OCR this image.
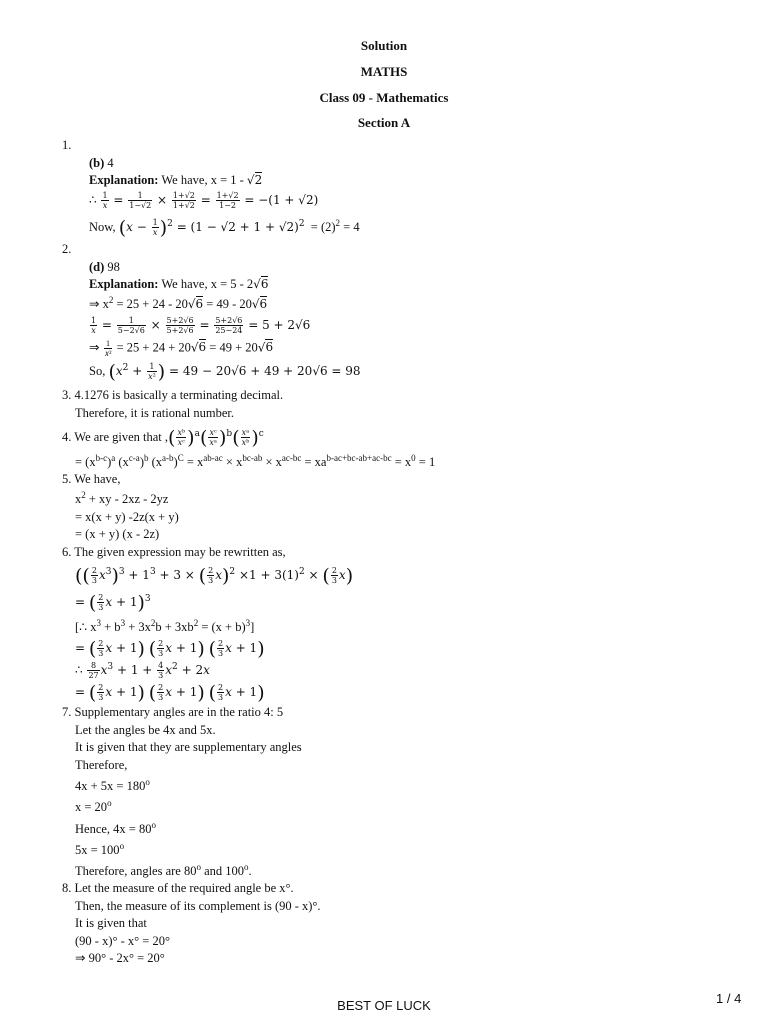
Solution
MATHS
Class 09 - Mathematics
Section A
1.
(b) 4
Explanation: We have, x = 1 - √2
∴ $\frac{1}{\text{𝑥}} = \frac{1}{1-√2} \times \frac{1+√2}{1+√2} = \frac{1+√2}{1-2} = -(1 + √2)$
Now, (𝑥 − $\frac{1}{\text{𝑥}} )^2 = (1 - √2 + 1 + √2)^2 = (2)^2 = 4$
2.
(d) 98
Explanation: We have, x = 5 - 2√6
⇒ $x^2 = 25 + 24 - 20√6 = 49 - 20√6$
$\frac{1}{\text{𝑥}} = \frac{1}{5-2√6} \times \frac{5+2√6}{5+2√6} = \frac{5+2√6}{25-24} = 5 + 2√6$
⇒ $\frac{1}{\text{𝑥²}} = 25 + 24 + 20√6 = 49 + 20√6$
So, (𝑥$^2$ + $\frac{1}{\text{𝑥²}}$ ) = 49 − 20√6 + 49 + 20√6 = 98
3. 4.1276 is basically a terminating decimal.
Therefore, it is rational number.
4. We are given that ,( $\frac{\text{𝑥ᵇ}}{\text{𝑥ᶜ}} )^a( \frac{\text{𝑥ᶜ}}{\text{𝑥ᵃ}} )^b( \frac{\text{𝑥ᵃ}}{\text{𝑥ᵇ}} )^c$
= $(x^{b-c})^a$ $(x^{c-a})^b$ $(x^{a-b})^C = x^{ab-ac} \times x^{bc-ab} \times x^{ac-bc} = xa^{b-ac+bc-ab+ac-bc} = x^0 = 1$
5. We have,
$x^2$ + xy - 2xz - 2yz
= x(x + y) -2z(x + y)
= (x + y) (x - 2z)
6. The given expression may be rewritten as,
(( $\frac{2}{3}$ 𝑥$^3$)$^3$ + $1^3 + 3$ × ( $\frac{2}{3}$ 𝑥)$^2$ $\times 1 + 3(1)^2$ × ( $\frac{2}{3}$ 𝑥)
= ( $\frac{2}{3}$ 𝑥 + 1)$^3$
[∴ $x^3 + b^3 + 3x^2b + 3xb^2 = (x + b)^3$]
= ( $\frac{2}{3}$ 𝑥 + 1) ( $\frac{2}{3}$ 𝑥 + 1) ( $\frac{2}{3}$ 𝑥 + 1)
∴ $\frac{8}{27}$ 𝑥$^3$ + $1 + \frac{4}{3}$ 𝑥$^2$ + 2𝑥
= ( $\frac{2}{3}$ 𝑥 + 1) ( $\frac{2}{3}$ 𝑥 + 1) ( $\frac{2}{3}$ 𝑥 + 1)
7. Supplementary angles are in the ratio 4: 5
Let the angles be 4x and 5x.
It is given that they are supplementary angles
Therefore,
$4x + 5x = 180^o$
$x = 20^o$
Hence, $4x = 80^o$
$5x = 100^o$
Therefore, angles are 80$^o$ and 100$^o$.
8. Let the measure of the required angle be x°.
Then, the measure of its complement is (90 - x)°.
It is given that
(90 - x)° - x° = 20°
⇒ 90° - 2x° = 20°
BEST OF LUCK	1 / 4
